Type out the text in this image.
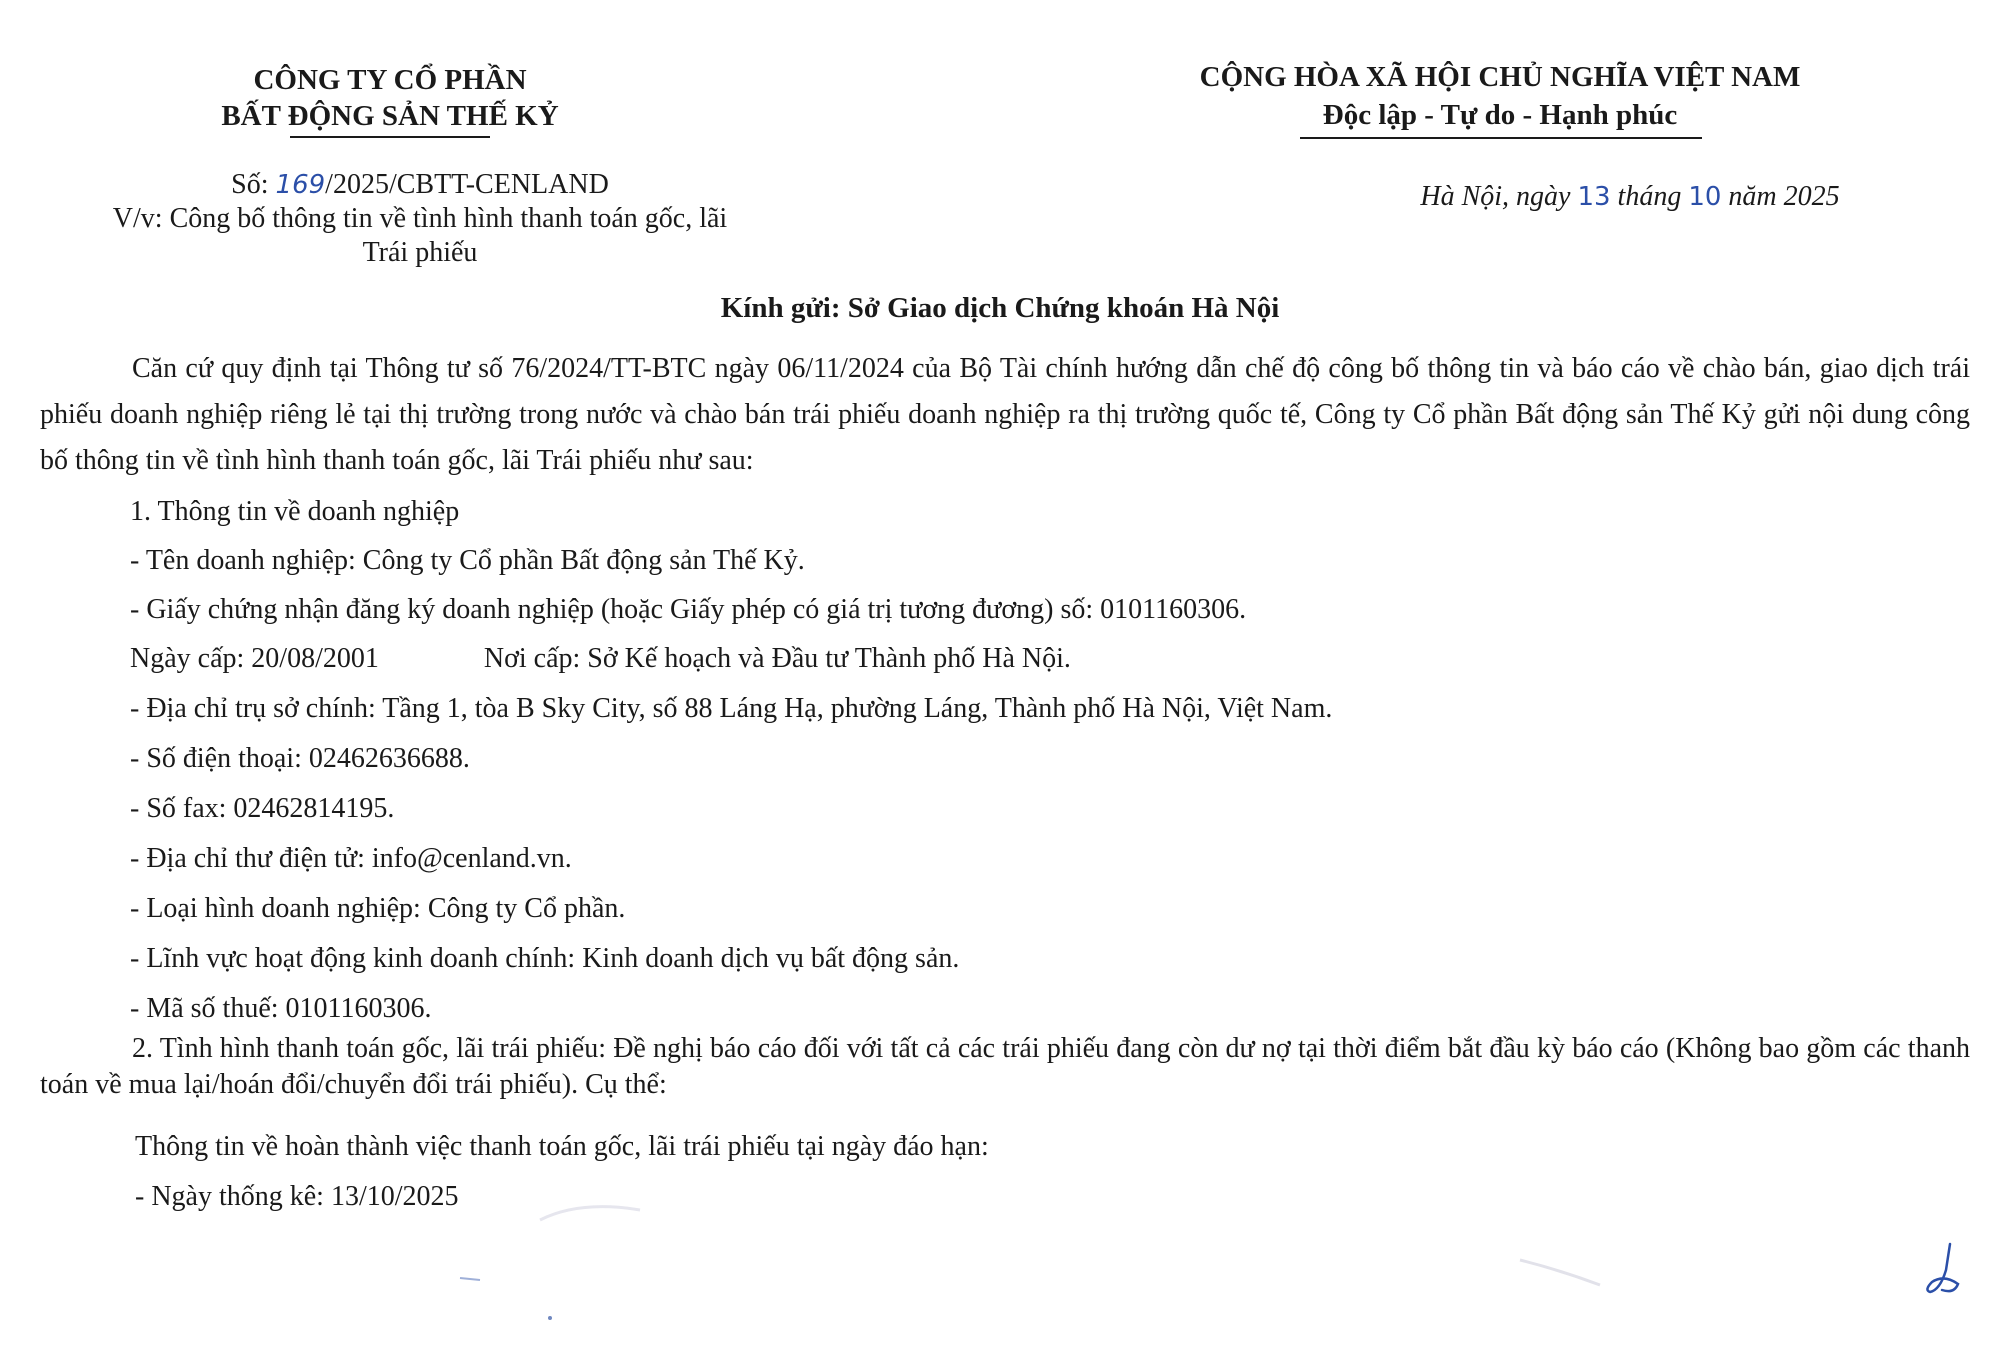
CÔNG TY CỔ PHẦN
BẤT ĐỘNG SẢN THẾ KỶ
CỘNG HÒA XÃ HỘI CHỦ NGHĨA VIỆT NAM
Độc lập - Tự do - Hạnh phúc
Số: 169/2025/CBTT-CENLAND
V/v: Công bố thông tin về tình hình thanh toán gốc, lãi
Trái phiếu
Hà Nội, ngày 13 tháng 10 năm 2025
Kính gửi: Sở Giao dịch Chứng khoán Hà Nội
Căn cứ quy định tại Thông tư số 76/2024/TT-BTC ngày 06/11/2024 của Bộ Tài chính hướng dẫn chế độ công bố thông tin và báo cáo về chào bán, giao dịch trái phiếu doanh nghiệp riêng lẻ tại thị trường trong nước và chào bán trái phiếu doanh nghiệp ra thị trường quốc tế, Công ty Cổ phần Bất động sản Thế Kỷ gửi nội dung công bố thông tin về tình hình thanh toán gốc, lãi Trái phiếu như sau:
1. Thông tin về doanh nghiệp
- Tên doanh nghiệp: Công ty Cổ phần Bất động sản Thế Kỷ.
- Giấy chứng nhận đăng ký doanh nghiệp (hoặc Giấy phép có giá trị tương đương) số: 0101160306.
Ngày cấp: 20/08/2001	Nơi cấp: Sở Kế hoạch và Đầu tư Thành phố Hà Nội.
- Địa chỉ trụ sở chính: Tầng 1, tòa B Sky City, số 88 Láng Hạ, phường Láng, Thành phố Hà Nội, Việt Nam.
- Số điện thoại: 02462636688.
- Số fax: 02462814195.
- Địa chỉ thư điện tử: info@cenland.vn.
- Loại hình doanh nghiệp: Công ty Cổ phần.
- Lĩnh vực hoạt động kinh doanh chính: Kinh doanh dịch vụ bất động sản.
- Mã số thuế: 0101160306.
2. Tình hình thanh toán gốc, lãi trái phiếu: Đề nghị báo cáo đối với tất cả các trái phiếu đang còn dư nợ tại thời điểm bắt đầu kỳ báo cáo (Không bao gồm các thanh toán về mua lại/hoán đổi/chuyển đổi trái phiếu). Cụ thể:
Thông tin về hoàn thành việc thanh toán gốc, lãi trái phiếu tại ngày đáo hạn:
- Ngày thống kê: 13/10/2025
